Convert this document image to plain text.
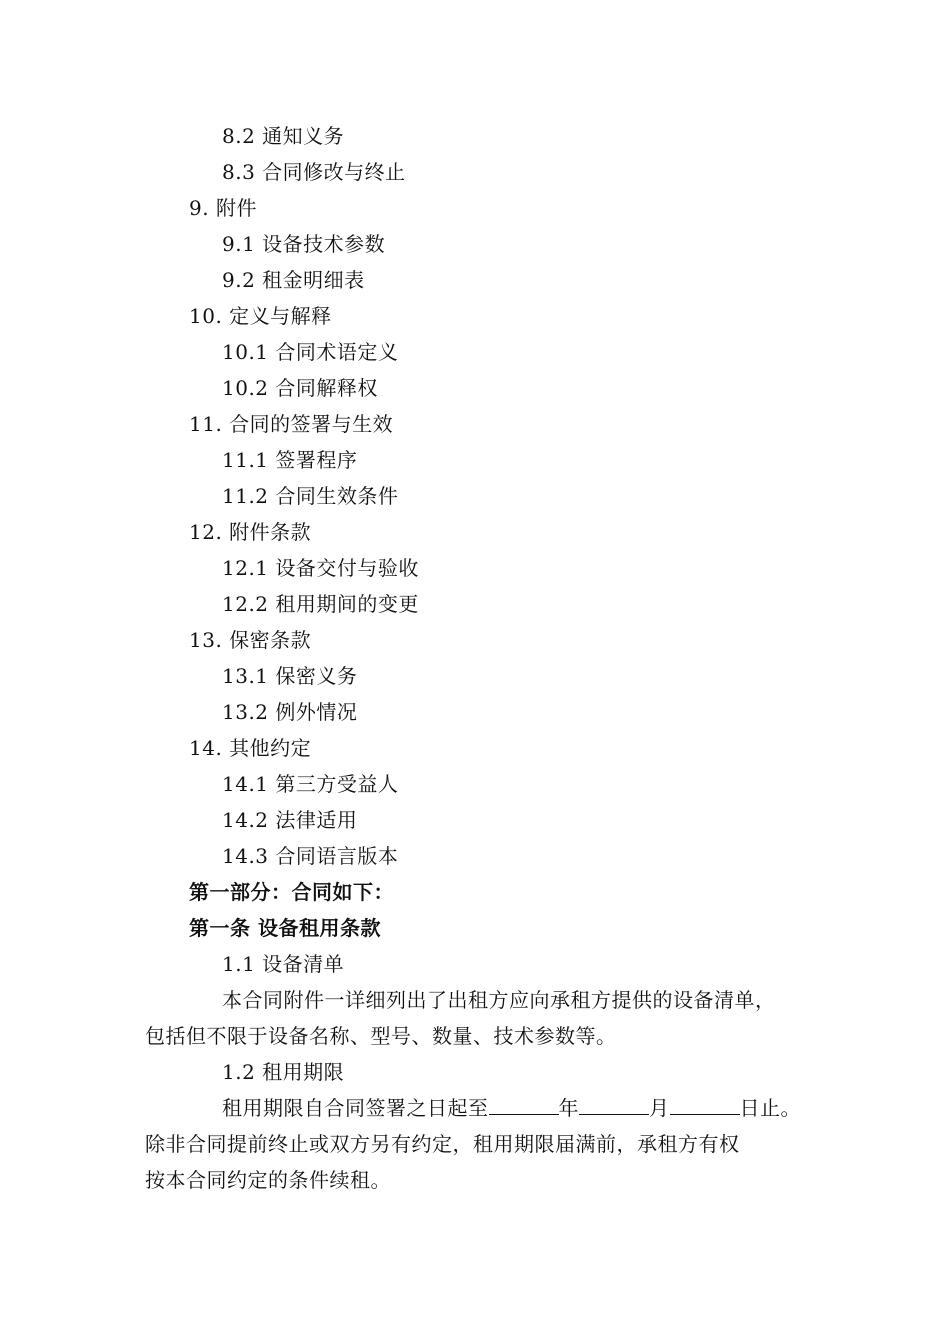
8.2 通知义务
8.3 合同修改与终止
9. 附件
9.1 设备技术参数
9.2 租金明细表
10. 定义与解释
10.1 合同术语定义
10.2 合同解释权
11. 合同的签署与生效
11.1 签署程序
11.2 合同生效条件
12. 附件条款
12.1 设备交付与验收
12.2 租用期间的变更
13. 保密条款
13.1 保密义务
13.2 例外情况
14. 其他约定
14.1 第三方受益人
14.2 法律适用
14.3 合同语言版本
第一部分：合同如下：
第一条 设备租用条款
1.1 设备清单
本合同附件一详细列出了出租方应向承租方提供的设备清单，
包括但不限于设备名称、型号、数量、技术参数等。
1.2 租用期限
租用期限自合同签署之日起至	年	月	日止。
除非合同提前终止或双方另有约定，租用期限届满前，承租方有权
按本合同约定的条件续租。
